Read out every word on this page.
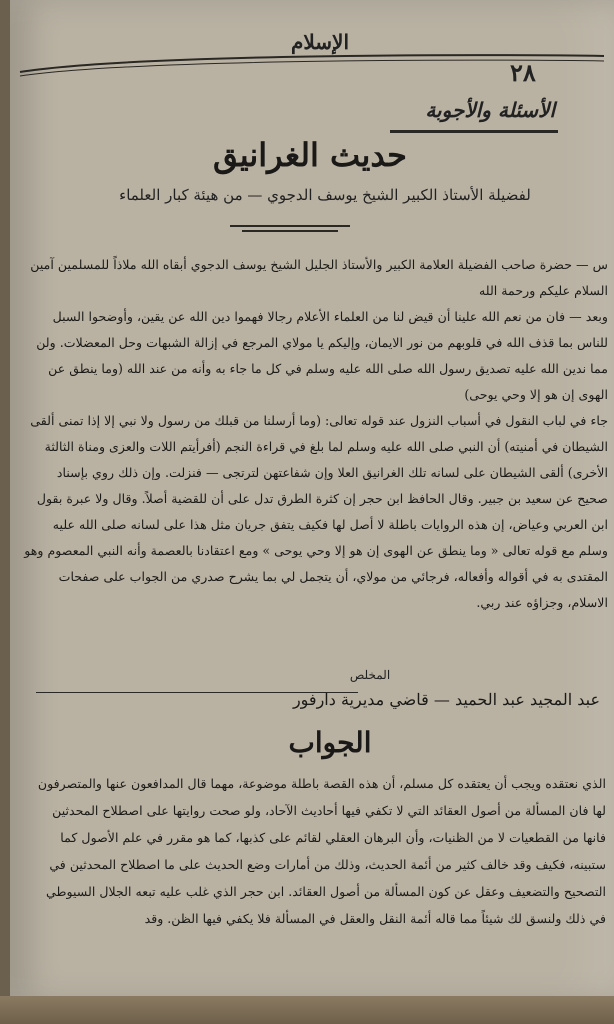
الإسلام
٢٨
الأسئلة والأجوبة
حديث الغرانيق
لفضيلة الأستاذ الكبير الشيخ يوسف الدجوي — من هيئة كبار العلماء

س — حضرة صاحب الفضيلة العلامة الكبير والأستاذ الجليل الشيخ يوسف الدجوي أبقاه الله ملاذاً للمسلمين آمين

السلام عليكم ورحمة الله

وبعد — فان من نعم الله علينا أن قيض لنا من العلماء الأعلام رجالا فهموا دين الله عن يقين، وأوضحوا السبل للناس بما قذف الله في قلوبهم من نور الايمان، وإليكم يا مولاي المرجع في إزالة الشبهات وحل المعضلات. ولن مما ندين الله عليه تصديق رسول الله صلى الله عليه وسلم في كل ما جاء به وأنه من عند الله (وما ينطق عن الهوى إن هو إلا وحي يوحى)

جاء في لباب النقول في أسباب النزول عند قوله تعالى: (وما أرسلنا من قبلك من رسول ولا نبي إلا إذا تمنى ألقى الشيطان في أمنيته) أن النبي صلى الله عليه وسلم لما بلغ في قراءة النجم (أفرأيتم اللات والعزى ومناة الثالثة الأخرى) ألقى الشيطان على لسانه تلك الغرانيق العلا وإن شفاعتهن لترتجى — فنزلت. وإن ذلك روي بإسناد صحيح عن سعيد بن جبير. وقال الحافظ ابن حجر إن كثرة الطرق تدل على أن للقضية أصلاً. وقال ولا عبرة بقول ابن العربي وعياض، إن هذه الروايات باطلة لا أصل لها فكيف يتفق جريان مثل هذا على لسانه صلى الله عليه وسلم مع قوله تعالى « وما ينطق عن الهوى إن هو إلا وحي يوحى » ومع اعتقادنا بالعصمة وأنه النبي المعصوم وهو المقتدى به في أقواله وأفعاله، فرجائي من مولاي، أن يتجمل لي بما يشرح صدري من الجواب على صفحات الاسلام، وجزاؤه عند ربي.

المخلص
عبد المجيد عبد الحميد — قاضي مديرية دارفور
الجواب

الذي نعتقده ويجب أن يعتقده كل مسلم، أن هذه القصة باطلة موضوعة، مهما قال المدافعون عنها والمتصرفون لها فان المسألة من أصول العقائد التي لا تكفي فيها أحاديث الآحاد، ولو صحت روايتها على اصطلاح المحدثين فانها من القطعيات لا من الظنيات، وأن البرهان العقلي لقائم على كذبها، كما هو مقرر في علم الأصول كما ستبينه، فكيف وقد خالف كثير من أئمة الحديث، وذلك من أمارات وضع الحديث على ما اصطلاح المحدثين في التصحيح والتضعيف وعقل عن كون المسألة من أصول العقائد. ابن حجر الذي غلب عليه تبعه الجلال السيوطي في ذلك ولنسق لك شيئاً مما قاله أئمة النقل والعقل في المسألة فلا يكفي فيها الظن. وقد
